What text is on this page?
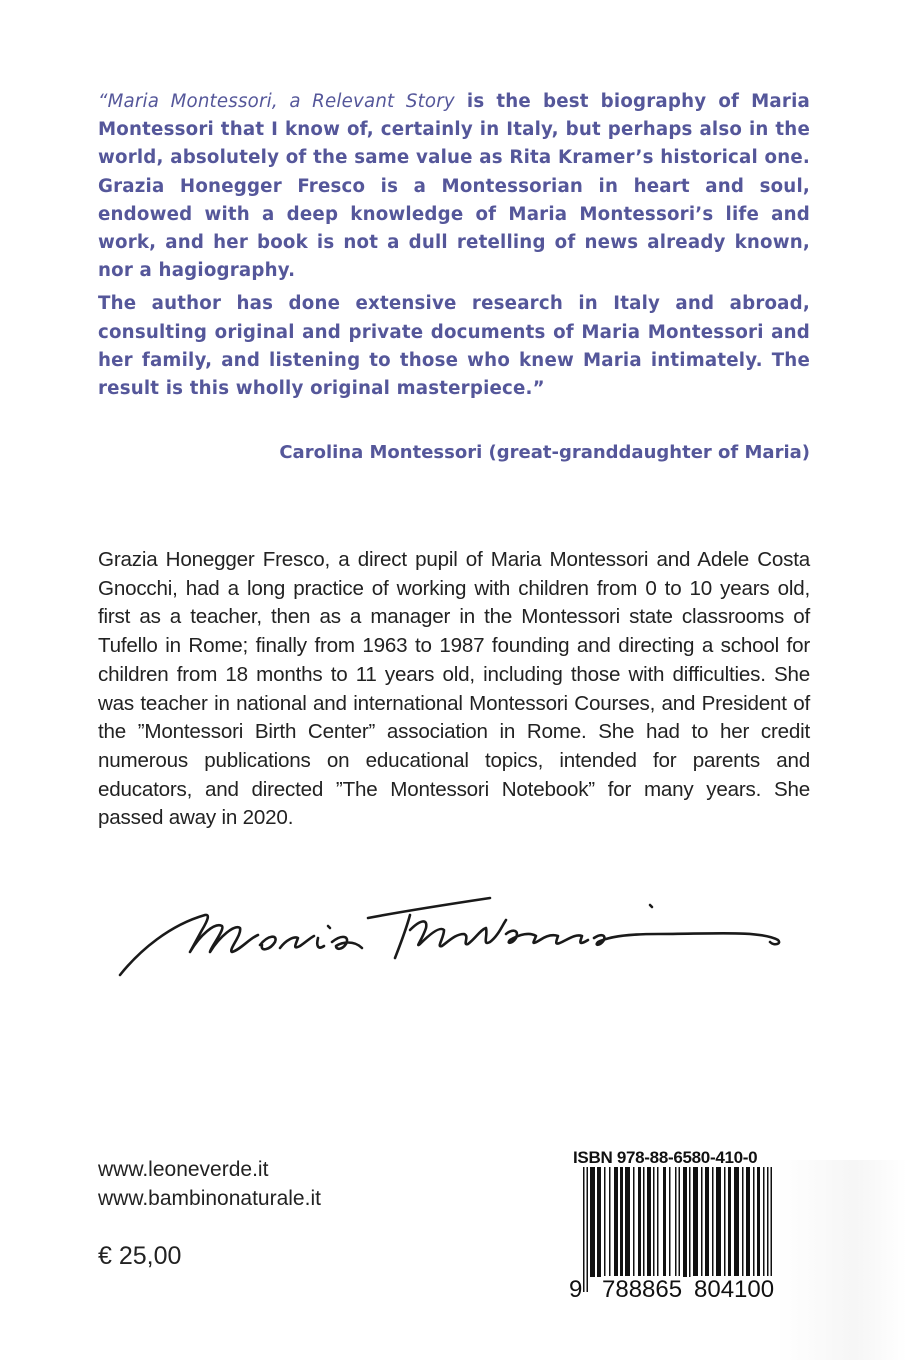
“Maria Montessori, a Relevant Story is the best biography of Maria Montessori that I know of, certainly in Italy, but perhaps also in the world, absolutely of the same value as Rita Kramer’s historical one. Grazia Honegger Fresco is a Montessorian in heart and soul, endowed with a deep knowledge of Maria Montessori’s life and work, and her book is not a dull retelling of news already known, nor a hagiography.

The author has done extensive research in Italy and abroad, consulting original and private documents of Maria Montessori and her family, and listening to those who knew Maria intimately. The result is this wholly original masterpiece.”

Carolina Montessori (great-granddaughter of Maria)
Grazia Honegger Fresco, a direct pupil of Maria Montessori and Adele Costa Gnocchi, had a long practice of working with children from 0 to 10 years old, first as a teacher, then as a manager in the Montessori state classrooms of Tufello in Rome; finally from 1963 to 1987 founding and directing a school for children from 18 months to 11 years old, including those with difficulties. She was teacher in national and international Montessori Courses, and President of the ”Montessori Birth Center” association in Rome. She had to her credit numerous publications on educational topics, intended for parents and educators, and directed ”The Montessori Notebook” for many years. She passed away in 2020.
www.leoneverde.it
www.bambinonaturale.it
€ 25,00
ISBN 978-88-6580-410-0
9 788865 804100
